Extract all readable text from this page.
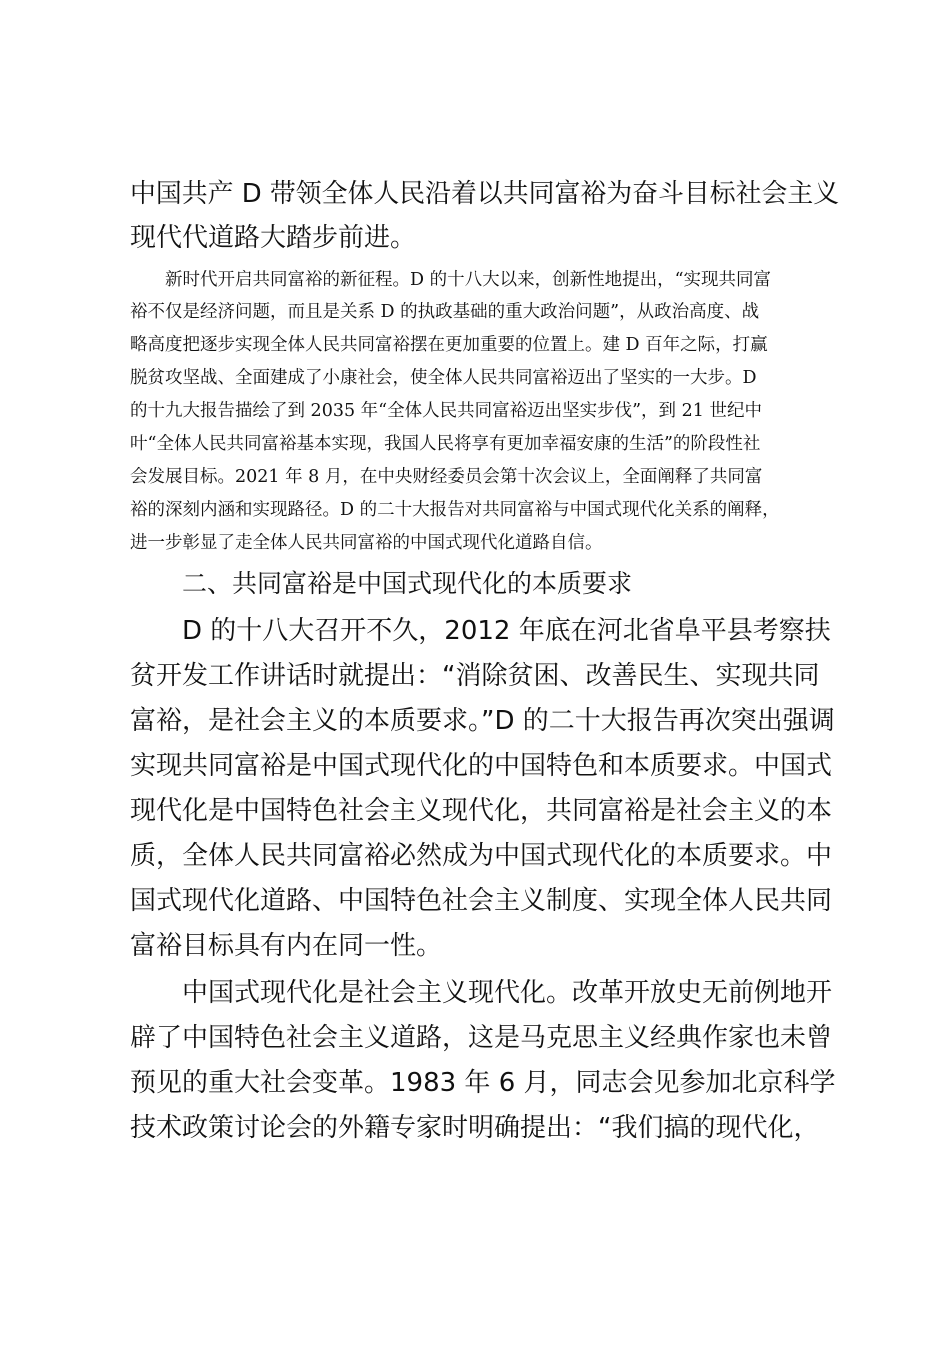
中国共产 D 带领全体人民沿着以共同富裕为奋斗目标社会主义

现代代道路大踏步前进。

新时代开启共同富裕的新征程。D 的十八大以来，创新性地提出，“实现共同富

裕不仅是经济问题，而且是关系 D 的执政基础的重大政治问题”，从政治高度、战

略高度把逐步实现全体人民共同富裕摆在更加重要的位置上。建 D 百年之际，打赢

脱贫攻坚战、全面建成了小康社会，使全体人民共同富裕迈出了坚实的一大步。D

的十九大报告描绘了到 2035 年“全体人民共同富裕迈出坚实步伐”，到 21 世纪中

叶“全体人民共同富裕基本实现，我国人民将享有更加幸福安康的生活”的阶段性社

会发展目标。2021 年 8 月，在中央财经委员会第十次会议上，全面阐释了共同富

裕的深刻内涵和实现路径。D 的二十大报告对共同富裕与中国式现代化关系的阐释，

进一步彰显了走全体人民共同富裕的中国式现代化道路自信。

二、共同富裕是中国式现代化的本质要求

D 的十八大召开不久，2012 年底在河北省阜平县考察扶

贫开发工作讲话时就提出：“消除贫困、改善民生、实现共同

富裕，是社会主义的本质要求。”D 的二十大报告再次突出强调

实现共同富裕是中国式现代化的中国特色和本质要求。中国式

现代化是中国特色社会主义现代化，共同富裕是社会主义的本

质，全体人民共同富裕必然成为中国式现代化的本质要求。中

国式现代化道路、中国特色社会主义制度、实现全体人民共同

富裕目标具有内在同一性。

中国式现代化是社会主义现代化。改革开放史无前例地开

辟了中国特色社会主义道路，这是马克思主义经典作家也未曾

预见的重大社会变革。1983 年 6 月，同志会见参加北京科学

技术政策讨论会的外籍专家时明确提出：“我们搞的现代化，
